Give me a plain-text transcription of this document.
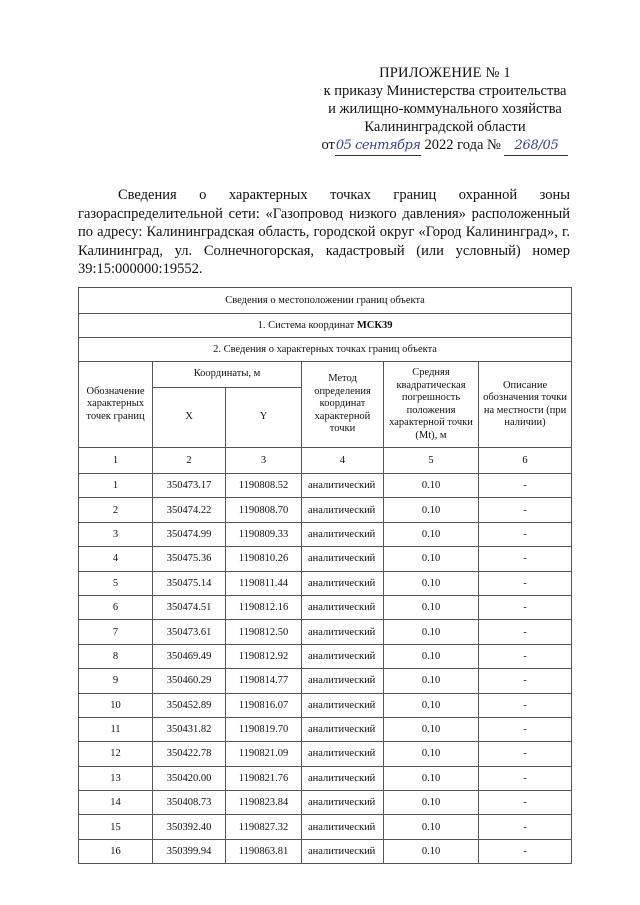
ПРИЛОЖЕНИЕ № 1
к приказу Министерства строительства
и жилищно-коммунального хозяйства
Калининградской области
от05 сентября 2022 года № 268/05
Сведения о характерных точках границ охранной зоны газораспределительной сети: «Газопровод низкого давления» расположенный по адресу: Калининградская область, городской округ «Город Калининград», г. Калининград, ул. Солнечногорская, кадастровый (или условный) номер 39:15:000000:19552.
Сведения о местоположении границ объекта					
1. Система координат МСК39					
2. Сведения о характерных точках границ объекта					
Обозначение характерных точек границ	Координаты, м		Метод определения координат характерной точки	Средняя квадратическая погрешность положения характерной точки (Mt), м	Описание обозначения точки на местности (при наличии)
	X	Y			
1	2	3	4	5	6
1	350473.17	1190808.52	аналитический	0.10	-
2	350474.22	1190808.70	аналитический	0.10	-
3	350474.99	1190809.33	аналитический	0.10	-
4	350475.36	1190810.26	аналитический	0.10	-
5	350475.14	1190811.44	аналитический	0.10	-
6	350474.51	1190812.16	аналитический	0.10	-
7	350473.61	1190812.50	аналитический	0.10	-
8	350469.49	1190812.92	аналитический	0.10	-
9	350460.29	1190814.77	аналитический	0.10	-
10	350452.89	1190816.07	аналитический	0.10	-
11	350431.82	1190819.70	аналитический	0.10	-
12	350422.78	1190821.09	аналитический	0.10	-
13	350420.00	1190821.76	аналитический	0.10	-
14	350408.73	1190823.84	аналитический	0.10	-
15	350392.40	1190827.32	аналитический	0.10	-
16	350399.94	1190863.81	аналитический	0.10	-
